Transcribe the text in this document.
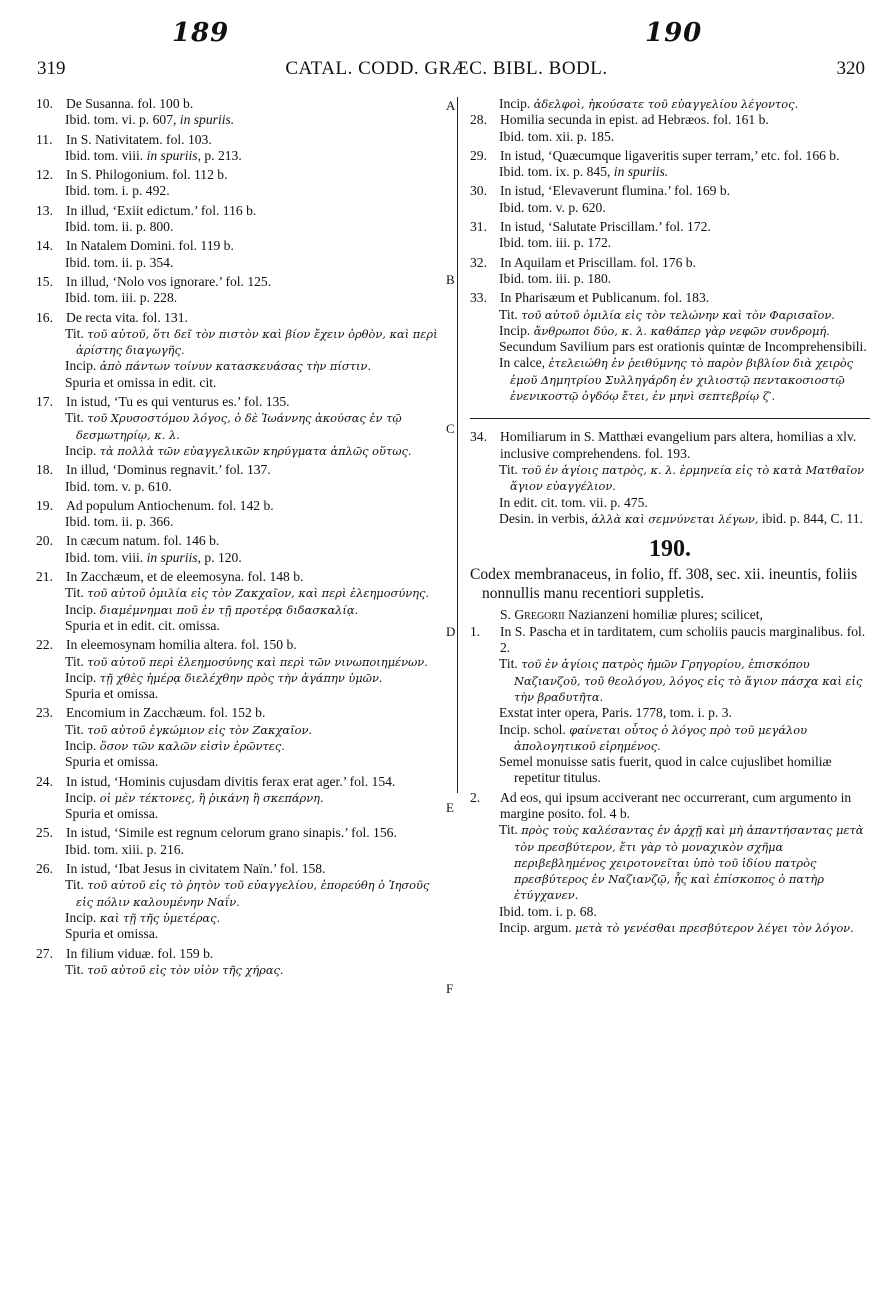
189	190
319	CATAL. CODD. GRÆC. BIBL. BODL.	320
A
B
C
D
E
F
10. De Susanna. fol. 100 b.
Ibid. tom. vi. p. 607, in spuriis.
11. In S. Nativitatem. fol. 103.
Ibid. tom. viii. in spuriis, p. 213.
12. In S. Philogonium. fol. 112 b.
Ibid. tom. i. p. 492.
13. In illud, ‘Exiit edictum.’ fol. 116 b.
Ibid. tom. ii. p. 800.
14. In Natalem Domini. fol. 119 b.
Ibid. tom. ii. p. 354.
15. In illud, ‘Nolo vos ignorare.’ fol. 125.
Ibid. tom. iii. p. 228.
16. De recta vita. fol. 131.
Tit. τοῦ αὐτοῦ, ὅτι δεῖ τὸν πιστὸν καὶ βίον ἔχειν ὀρθὸν, καὶ περὶ ἀρίστης διαγωγῆς.
Incip. ἀπὸ πάντων τοίνυν κατασκευάσας τὴν πίστιν.
Spuria et omissa in edit. cit.
17. In istud, ‘Tu es qui venturus es.’ fol. 135.
Tit. τοῦ Χρυσοστόμου λόγος, ὁ δὲ Ἰωάννης ἀκούσας ἐν τῷ δεσμωτηρίῳ, κ. λ.
Incip. τὰ πολλὰ τῶν εὐαγγελικῶν κηρύγματα ἁπλῶς οὕτως.
18. In illud, ‘Dominus regnavit.’ fol. 137.
Ibid. tom. v. p. 610.
19. Ad populum Antiochenum. fol. 142 b.
Ibid. tom. ii. p. 366.
20. In cæcum natum. fol. 146 b.
Ibid. tom. viii. in spuriis, p. 120.
21. In Zacchæum, et de eleemosyna. fol. 148 b.
Tit. τοῦ αὐτοῦ ὁμιλία εἰς τὸν Ζακχαῖον, καὶ περὶ ἐλεημοσύνης.
Incip. διαμέμνημαι ποῦ ἐν τῇ προτέρᾳ διδασκαλίᾳ.
Spuria et in edit. cit. omissa.
22. In eleemosynam homilia altera. fol. 150 b.
Tit. τοῦ αὐτοῦ περὶ ἐλεημοσύνης καὶ περὶ τῶν νινωποιημένων.
Incip. τῇ χθὲς ἡμέρᾳ διελέχθην πρὸς τὴν ἀγάπην ὑμῶν.
Spuria et omissa.
23. Encomium in Zacchæum. fol. 152 b.
Tit. τοῦ αὐτοῦ ἐγκώμιον εἰς τὸν Ζακχαῖον.
Incip. ὅσον τῶν καλῶν εἰσὶν ἐρῶντες.
Spuria et omissa.
24. In istud, ‘Hominis cujusdam divitis ferax erat ager.’ fol. 154.
Incip. οἱ μὲν τέκτονες, ἢ ῥικάνη ἢ σκεπάρνη.
Spuria et omissa.
25. In istud, ‘Simile est regnum celorum grano sinapis.’ fol. 156.
Ibid. tom. xiii. p. 216.
26. In istud, ‘Ibat Jesus in civitatem Naïn.’ fol. 158.
Tit. τοῦ αὐτοῦ εἰς τὸ ῥητὸν τοῦ εὐαγγελίου, ἐπορεύθη ὁ Ἰησοῦς εἰς πόλιν καλουμένην Ναΐν.
Incip. καὶ τῇ τῆς ὑμετέρας.
Spuria et omissa.
27. In filium viduæ. fol. 159 b.
Tit. τοῦ αὐτοῦ εἰς τὸν υἱὸν τῆς χήρας.
Incip. ἀδελφοὶ, ἠκούσατε τοῦ εὐαγγελίου λέγοντος.
28. Homilia secunda in epist. ad Hebræos. fol. 161 b.
Ibid. tom. xii. p. 185.
29. In istud, ‘Quæcumque ligaveritis super terram,’ etc. fol. 166 b.
Ibid. tom. ix. p. 845, in spuriis.
30. In istud, ‘Elevaverunt flumina.’ fol. 169 b.
Ibid. tom. v. p. 620.
31. In istud, ‘Salutate Priscillam.’ fol. 172.
Ibid. tom. iii. p. 172.
32. In Aquilam et Priscillam. fol. 176 b.
Ibid. tom. iii. p. 180.
33. In Pharisæum et Publicanum. fol. 183.
Tit. τοῦ αὐτοῦ ὁμιλία εἰς τὸν τελώνην καὶ τὸν Φαρισαῖον.
Incip. ἄνθρωποι δύο, κ. λ. καθάπερ γὰρ νεφῶν συνδρομή.
Secundum Savilium pars est orationis quintæ de Incomprehensibili.
In calce, ἐτελειώθη ἐν ῥειθύμνης τὸ παρὸν βιβλίον διὰ χειρὸς ἐμοῦ Δημητρίου Συλληγάρδη ἐν χιλιοστῷ πεντακοσιοστῷ ἐνενικοστῷ ὀγδόῳ ἔτει, ἐν μηνὶ σεπτεβρίῳ ζ′.
34. Homiliarum in S. Matthæi evangelium pars altera, homilias a xlv. inclusive comprehendens. fol. 193.
Tit. τοῦ ἐν ἁγίοις πατρὸς, κ. λ. ἑρμηνεία εἰς τὸ κατὰ Ματθαῖον ἅγιον εὐαγγέλιον.
In edit. cit. tom. vii. p. 475.
Desin. in verbis, ἀλλὰ καὶ σεμνύνεται λέγων, ibid. p. 844, C. 11.
190.
Codex membranaceus, in folio, ff. 308, sec. xii. ineuntis, foliis nonnullis manu recentiori suppletis.
S. Gregorii Nazianzeni homiliæ plures; scilicet,
1. In S. Pascha et in tarditatem, cum scholiis paucis marginalibus. fol. 2.
Tit. τοῦ ἐν ἁγίοις πατρὸς ἡμῶν Γρηγορίου, ἐπισκόπου Ναζιανζοῦ, τοῦ θεολόγου, λόγος εἰς τὸ ἅγιον πάσχα καὶ εἰς τὴν βραδυτῆτα.
Exstat inter opera, Paris. 1778, tom. i. p. 3.
Incip. schol. φαίνεται οὗτος ὁ λόγος πρὸ τοῦ μεγάλου ἀπολογητικοῦ εἰρημένος.
Semel monuisse satis fuerit, quod in calce cujuslibet homiliæ repetitur titulus.
2. Ad eos, qui ipsum acciverant nec occurrerant, cum argumento in margine posito. fol. 4 b.
Tit. πρὸς τοὺς καλέσαντας ἐν ἀρχῇ καὶ μὴ ἀπαντήσαντας μετὰ τὸν πρεσβύτερον, ἔτι γὰρ τὸ μοναχικὸν σχῆμα περιβεβλημένος χειροτονεῖται ὑπὸ τοῦ ἰδίου πατρὸς πρεσβύτερος ἐν Ναζιανζῷ, ἧς καὶ ἐπίσκοπος ὁ πατὴρ ἐτύγχανεν.
Ibid. tom. i. p. 68.
Incip. argum. μετὰ τὸ γενέσθαι πρεσβύτερον λέγει τὸν λόγον.
